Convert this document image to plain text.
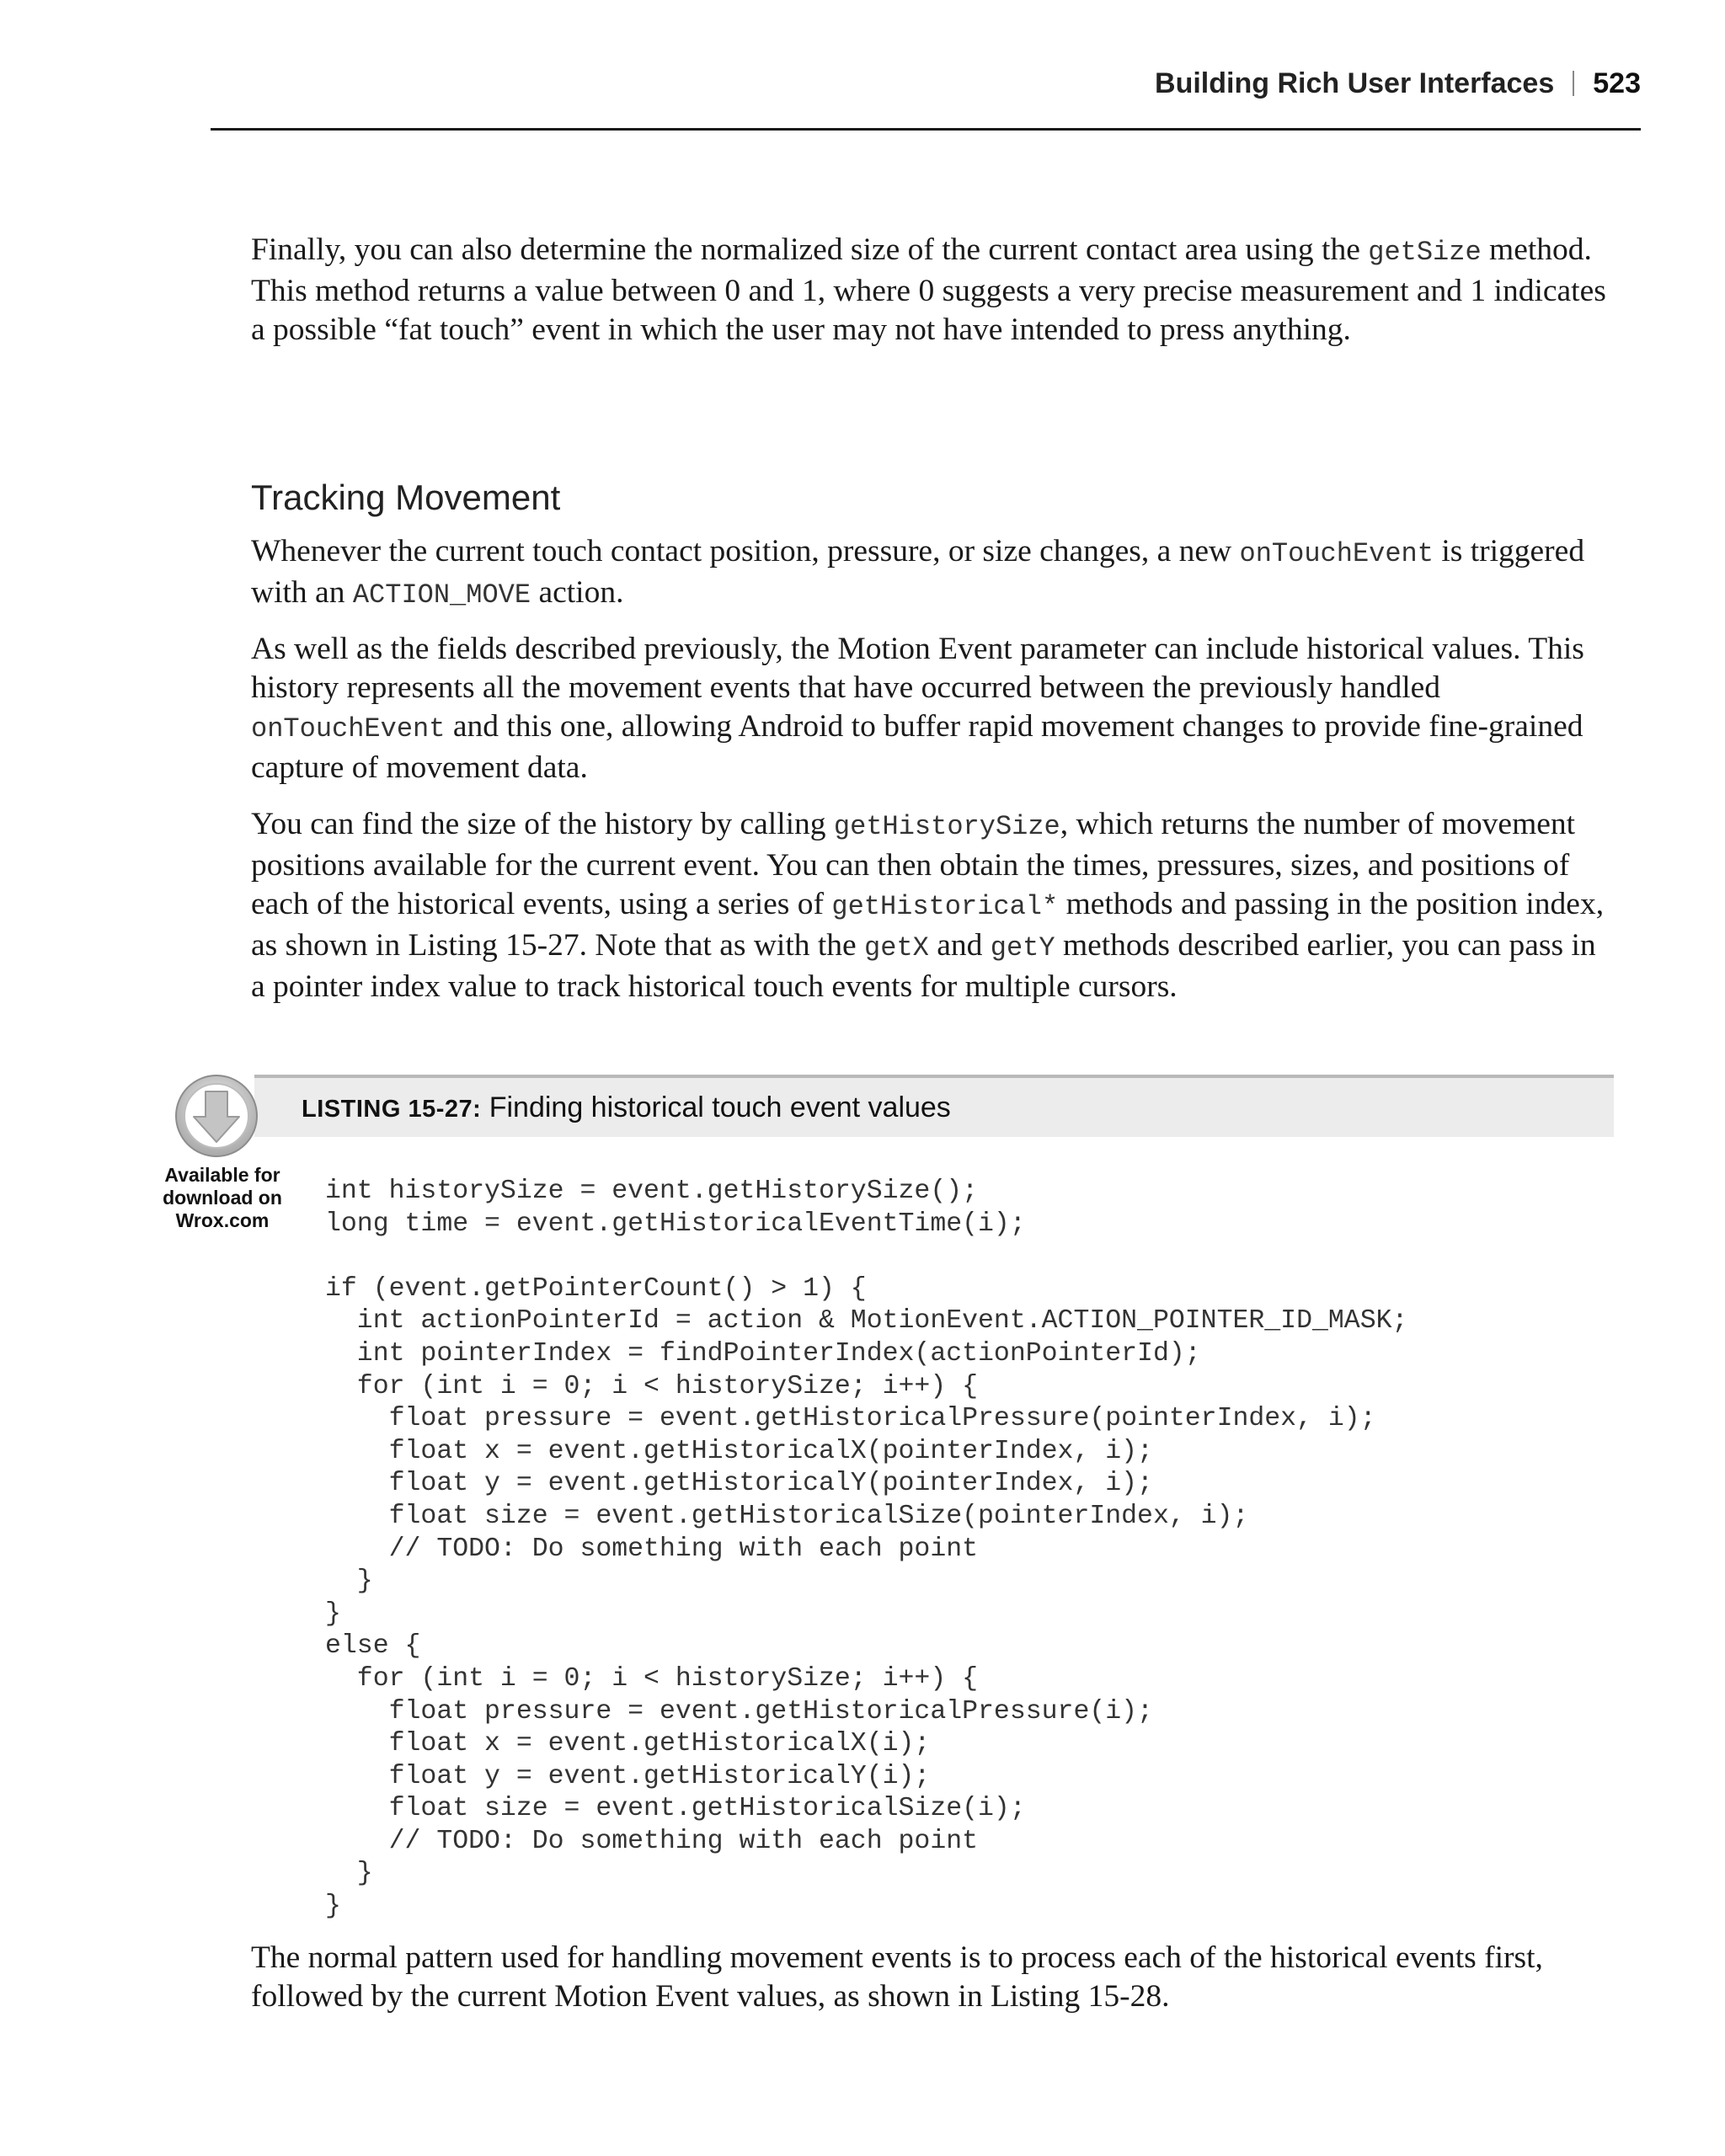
Building Rich User Interfaces 523

Finally, you can also determine the normalized size of the current contact area using the getSize method. This method returns a value between 0 and 1, where 0 suggests a very precise measurement and 1 indicates a possible “fat touch” event in which the user may not have intended to press anything.

Tracking Movement

Whenever the current touch contact position, pressure, or size changes, a new onTouchEvent is triggered with an ACTION_MOVE action.

As well as the fields described previously, the Motion Event parameter can include historical values. This history represents all the movement events that have occurred between the previously handled onTouchEvent and this one, allowing Android to buffer rapid movement changes to provide fine-grained capture of movement data.

You can find the size of the history by calling getHistorySize, which returns the number of movement positions available for the current event. You can then obtain the times, pressures, sizes, and positions of each of the historical events, using a series of getHistorical* methods and passing in the position index, as shown in Listing 15-27. Note that as with the getX and getY methods described earlier, you can pass in a pointer index value to track historical touch events for multiple cursors.

LISTING 15-27: Finding historical touch event values
Available for
download on
Wrox.com
int historySize = event.getHistorySize();
long time = event.getHistoricalEventTime(i);

if (event.getPointerCount() > 1) {
int actionPointerId = action & MotionEvent.ACTION_POINTER_ID_MASK;
int pointerIndex = findPointerIndex(actionPointerId);
for (int i = 0; i < historySize; i++) {
float pressure = event.getHistoricalPressure(pointerIndex, i);
float x = event.getHistoricalX(pointerIndex, i);
float y = event.getHistoricalY(pointerIndex, i);
float size = event.getHistoricalSize(pointerIndex, i);
// TODO: Do something with each point
}
}
else {
for (int i = 0; i < historySize; i++) {
float pressure = event.getHistoricalPressure(i);
float x = event.getHistoricalX(i);
float y = event.getHistoricalY(i);
float size = event.getHistoricalSize(i);
// TODO: Do something with each point
}
}

The normal pattern used for handling movement events is to process each of the historical events first, followed by the current Motion Event values, as shown in Listing 15-28.
